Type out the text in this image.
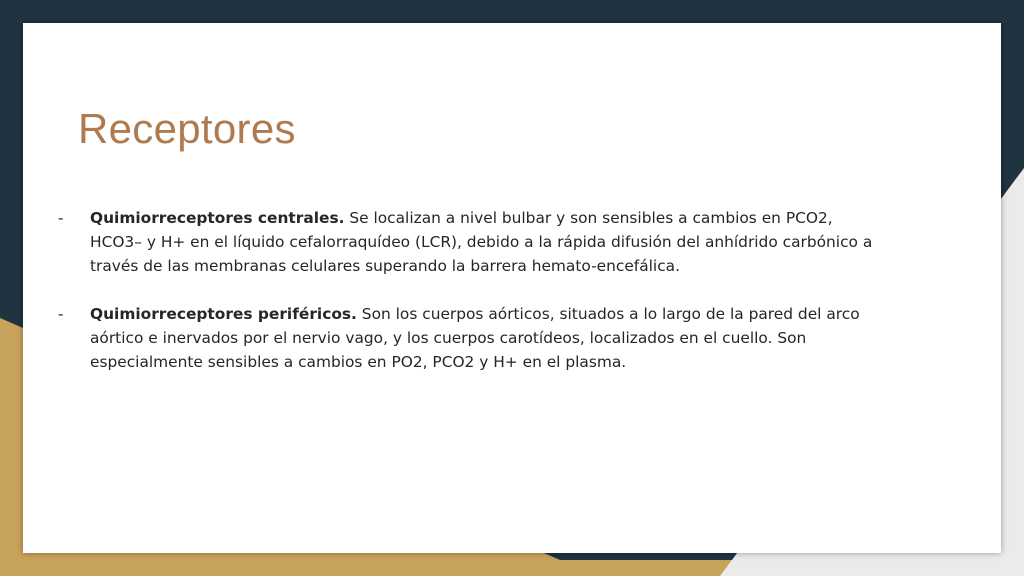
Receptores

- Quimiorreceptores centrales. Se localizan a nivel bulbar y son sensibles a cambios en PCO2, HCO3– y H+ en el líquido cefalorraquídeo (LCR), debido a la rápida difusión del anhídrido carbónico a través de las membranas celulares superando la barrera hemato-encefálica.

- Quimiorreceptores periféricos. Son los cuerpos aórticos, situados a lo largo de la pared del arco aórtico e inervados por el nervio vago, y los cuerpos carotídeos, localizados en el cuello. Son especialmente sensibles a cambios en PO2, PCO2 y H+ en el plasma.
